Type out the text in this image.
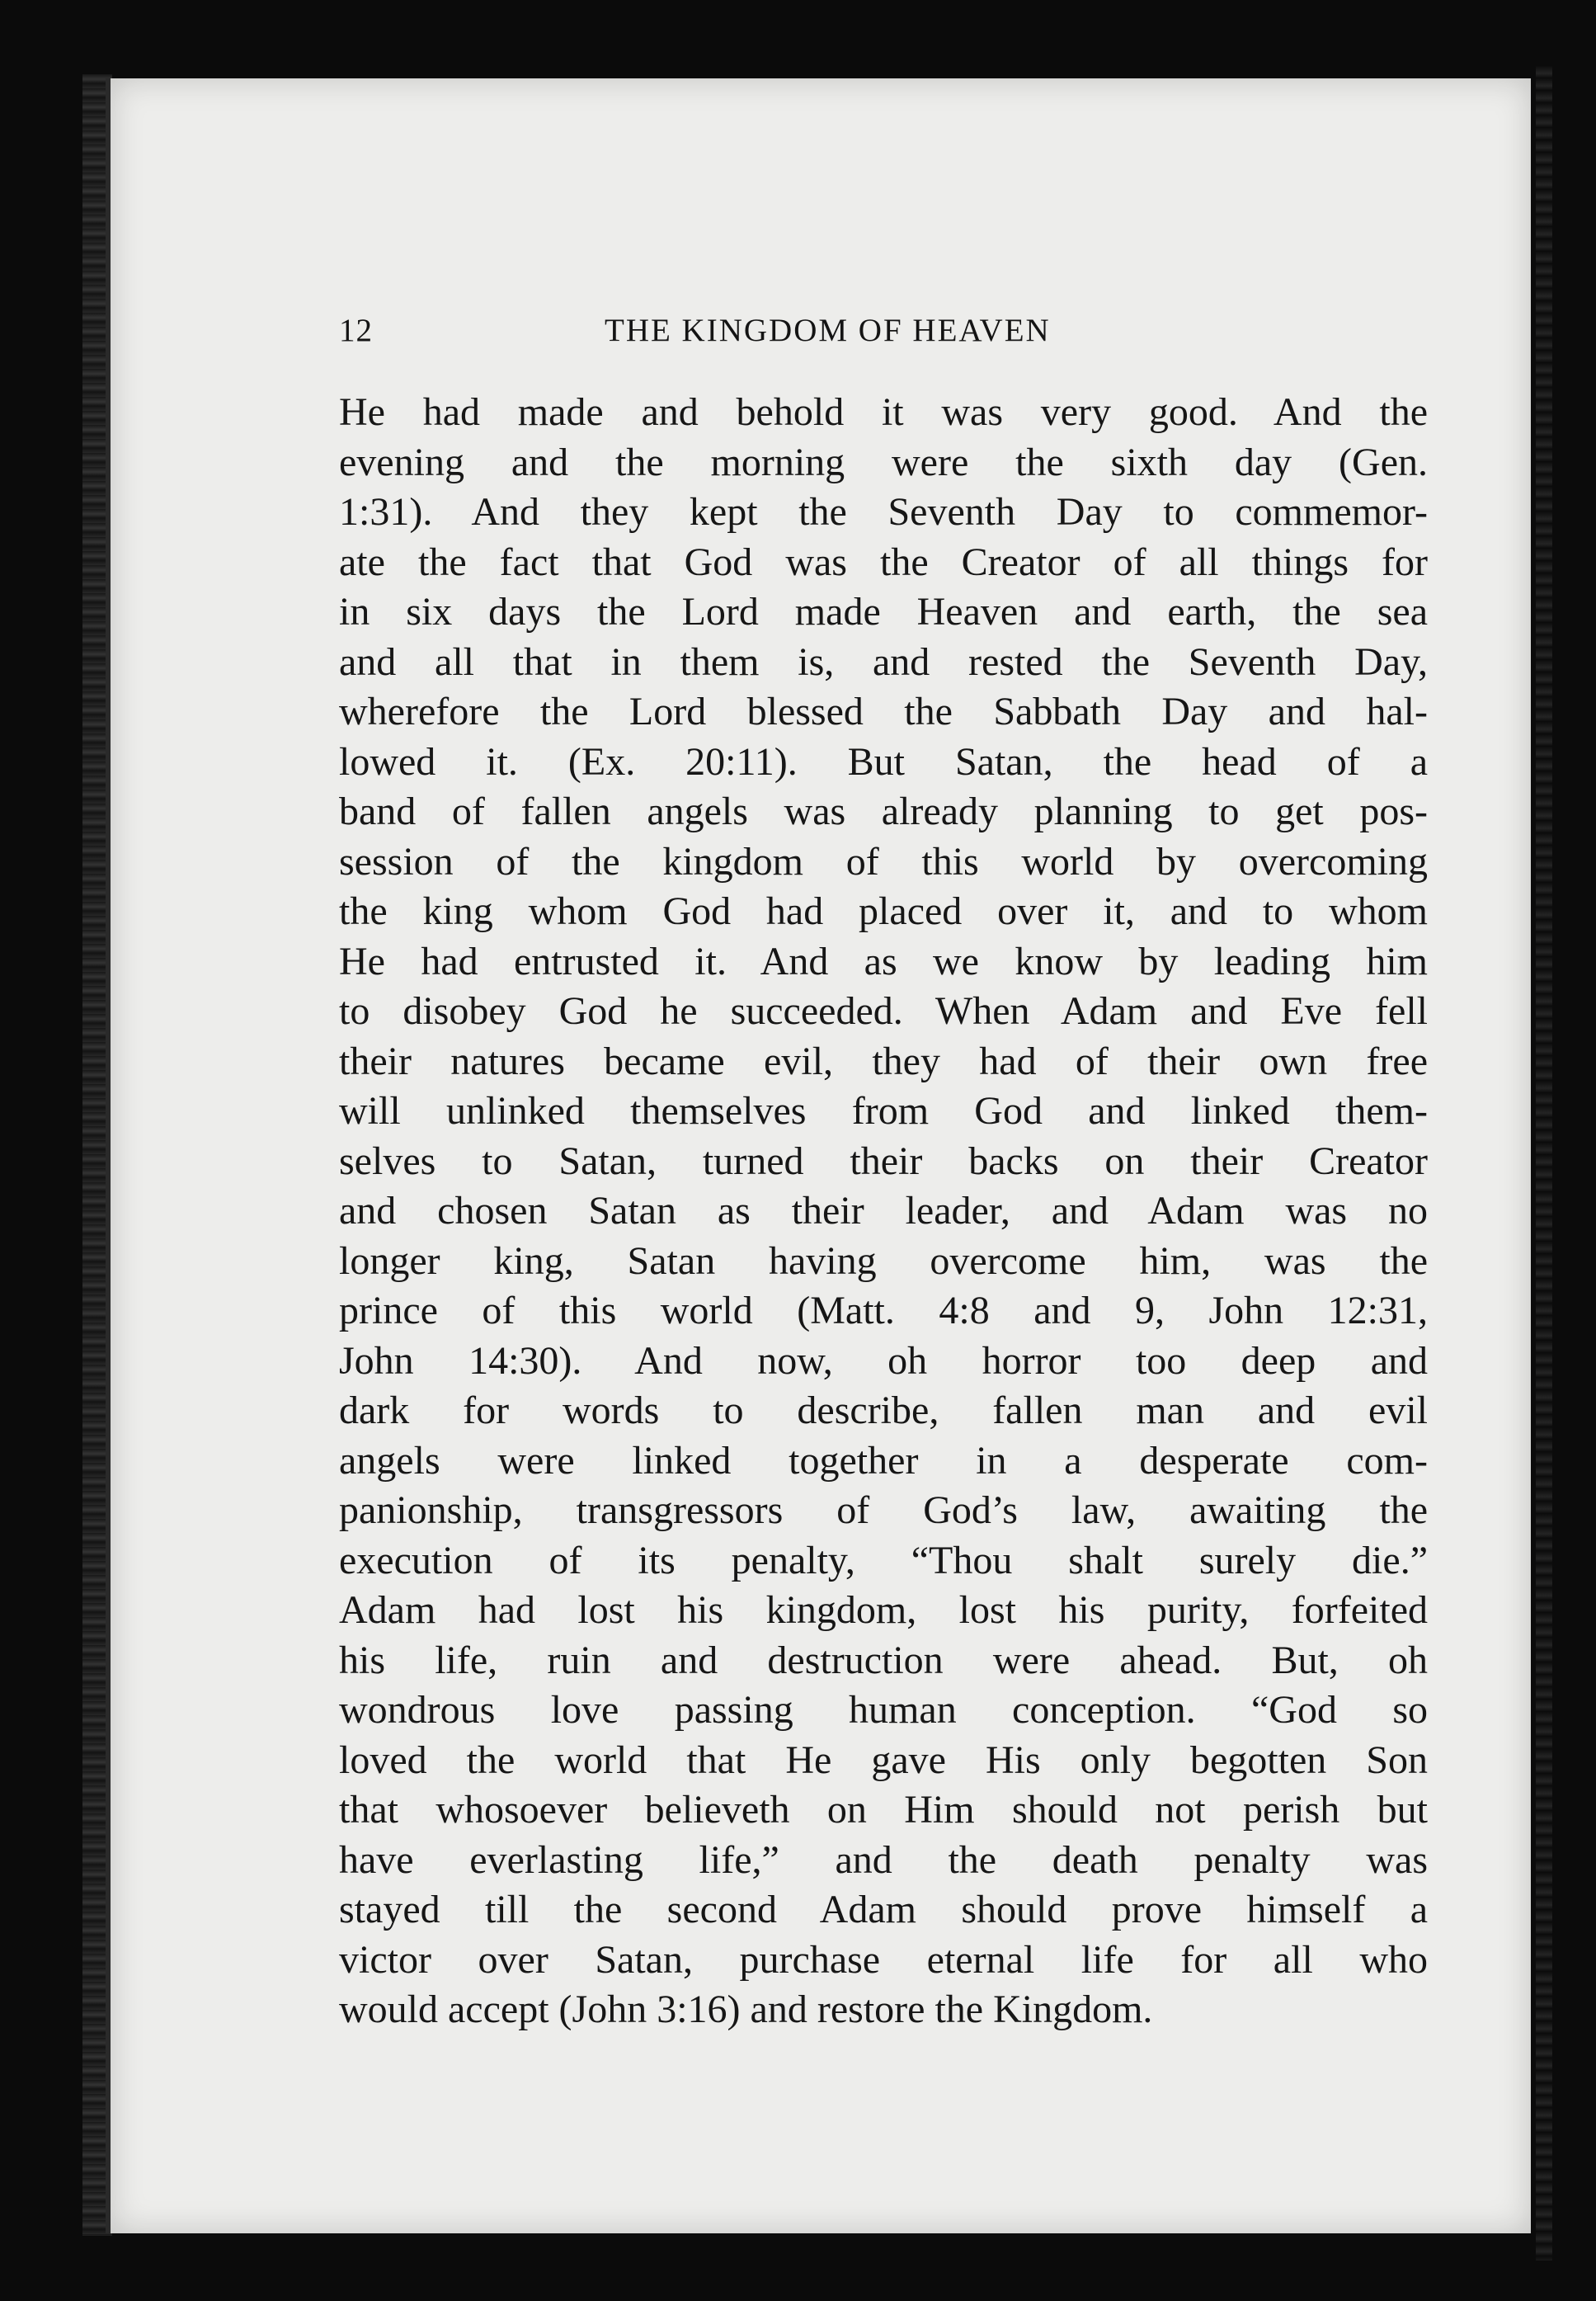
12	THE KINGDOM OF HEAVEN
He had made and behold it was very good. And the
evening and the morning were the sixth day (Gen.
1:31). And they kept the Seventh Day to commemor-
ate the fact that God was the Creator of all things for
in six days the Lord made Heaven and earth, the sea
and all that in them is, and rested the Seventh Day,
wherefore the Lord blessed the Sabbath Day and hal-
lowed it. (Ex. 20:11). But Satan, the head of a
band of fallen angels was already planning to get pos-
session of the kingdom of this world by overcoming
the king whom God had placed over it, and to whom
He had entrusted it. And as we know by leading him
to disobey God he succeeded. When Adam and Eve fell
their natures became evil, they had of their own free
will unlinked themselves from God and linked them-
selves to Satan, turned their backs on their Creator
and chosen Satan as their leader, and Adam was no
longer king, Satan having overcome him, was the
prince of this world (Matt. 4:8 and 9, John 12:31,
John 14:30). And now, oh horror too deep and
dark for words to describe, fallen man and evil
angels were linked together in a desperate com-
panionship, transgressors of God’s law, awaiting the
execution of its penalty, “Thou shalt surely die.”
Adam had lost his kingdom, lost his purity, forfeited
his life, ruin and destruction were ahead. But, oh
wondrous love passing human conception. “God so
loved the world that He gave His only begotten Son
that whosoever believeth on Him should not perish but
have everlasting life,” and the death penalty was
stayed till the second Adam should prove himself a
victor over Satan, purchase eternal life for all who
would accept (John 3:16) and restore the Kingdom.
